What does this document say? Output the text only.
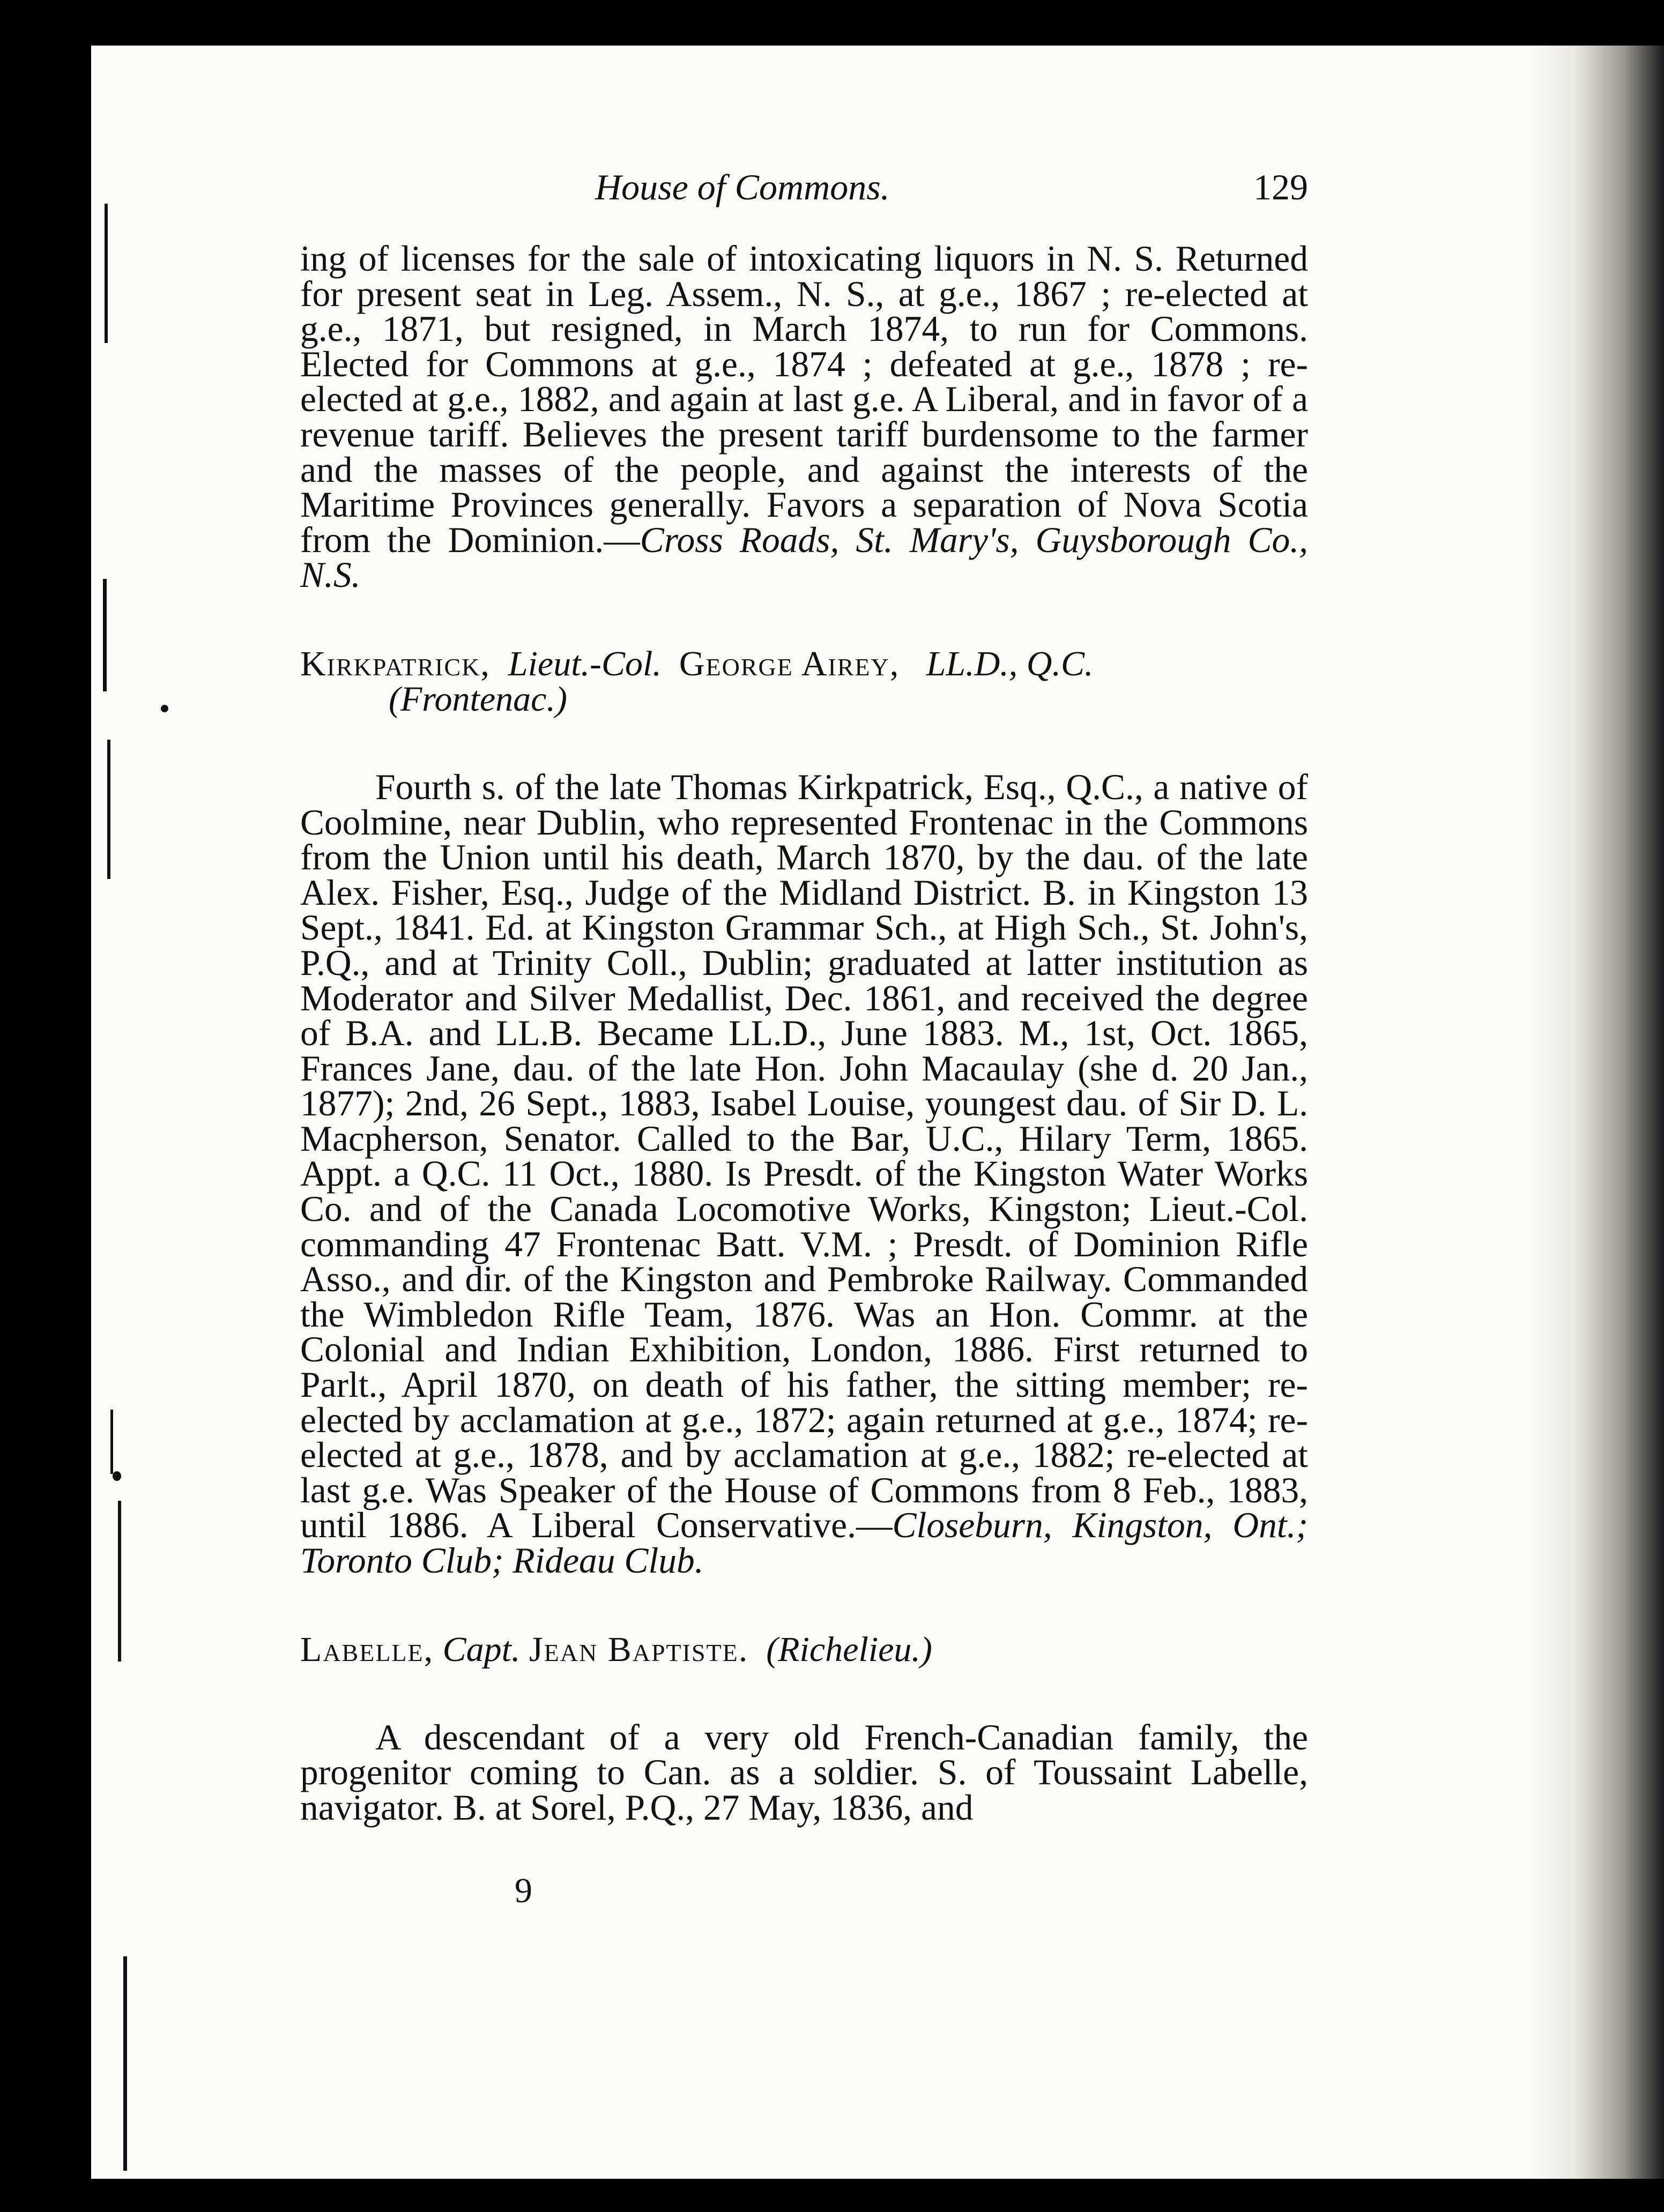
House of Commons.	129

ing of licenses for the sale of intoxicating liquors in N. S. Returned for present seat in Leg. Assem., N. S., at g.e., 1867 ; re-elected at g.e., 1871, but resigned, in March 1874, to run for Commons. Elected for Commons at g.e., 1874 ; defeated at g.e., 1878 ; re-elected at g.e., 1882, and again at last g.e. A Liberal, and in favor of a revenue tariff. Believes the present tariff burdensome to the farmer and the masses of the people, and against the interests of the Maritime Provinces generally. Favors a separation of Nova Scotia from the Dominion.—Cross Roads, St. Mary's, Guysborough Co., N.S.

Kirkpatrick, Lieut.-Col. George Airey, LL.D., Q.C.

(Frontenac.)

Fourth s. of the late Thomas Kirkpatrick, Esq., Q.C., a native of Coolmine, near Dublin, who represented Frontenac in the Commons from the Union until his death, March 1870, by the dau. of the late Alex. Fisher, Esq., Judge of the Midland District. B. in Kingston 13 Sept., 1841. Ed. at Kingston Grammar Sch., at High Sch., St. John's, P.Q., and at Trinity Coll., Dublin; graduated at latter institution as Moderator and Silver Medallist, Dec. 1861, and received the degree of B.A. and LL.B. Became LL.D., June 1883. M., 1st, Oct. 1865, Frances Jane, dau. of the late Hon. John Macaulay (she d. 20 Jan., 1877); 2nd, 26 Sept., 1883, Isabel Louise, youngest dau. of Sir D. L. Macpherson, Senator. Called to the Bar, U.C., Hilary Term, 1865. Appt. a Q.C. 11 Oct., 1880. Is Presdt. of the Kingston Water Works Co. and of the Canada Locomotive Works, Kingston; Lieut.-Col. commanding 47 Frontenac Batt. V.M. ; Presdt. of Dominion Rifle Asso., and dir. of the Kingston and Pembroke Railway. Commanded the Wimbledon Rifle Team, 1876. Was an Hon. Commr. at the Colonial and Indian Exhibition, London, 1886. First returned to Parlt., April 1870, on death of his father, the sitting member; re-elected by acclamation at g.e., 1872; again returned at g.e., 1874; re-elected at g.e., 1878, and by acclamation at g.e., 1882; re-elected at last g.e. Was Speaker of the House of Commons from 8 Feb., 1883, until 1886. A Liberal Conservative.—Closeburn, Kingston, Ont.; Toronto Club; Rideau Club.

Labelle, Capt. Jean Baptiste. (Richelieu.)

A descendant of a very old French-Canadian family, the progenitor coming to Can. as a soldier. S. of Toussaint Labelle, navigator. B. at Sorel, P.Q., 27 May, 1836, and

9
